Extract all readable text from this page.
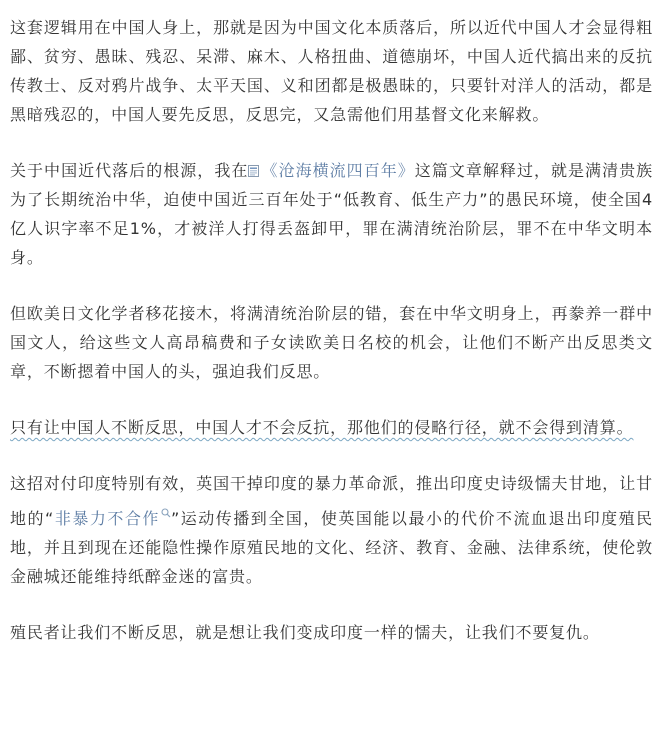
这套逻辑用在中国人身上，那就是因为中国文化本质落后，所以近代中国人才会显得粗鄙、贫穷、愚昧、残忍、呆滞、麻木、人格扭曲、道德崩坏，中国人近代搞出来的反抗传教士、反对鸦片战争、太平天国、义和团都是极愚昧的，只要针对洋人的活动，都是黑暗残忍的，中国人要先反思，反思完，又急需他们用基督文化来解救。

关于中国近代落后的根源，我在 《沧海横流四百年》这篇文章解释过，就是满清贵族为了长期统治中华，迫使中国近三百年处于“低教育、低生产力”的愚民环境，使全国4亿人识字率不足1%，才被洋人打得丢盔卸甲，罪在满清统治阶层，罪不在中华文明本身。

但欧美日文化学者移花接木，将满清统治阶层的错，套在中华文明身上，再豢养一群中国文人，给这些文人高昂稿费和子女读欧美日名校的机会，让他们不断产出反思类文章，不断摁着中国人的头，强迫我们反思。

只有让中国人不断反思，中国人才不会反抗，那他们的侵略行径，就不会得到清算。

这招对付印度特别有效，英国干掉印度的暴力革命派，推出印度史诗级懦夫甘地，让甘地的“非暴力不合作 ”运动传播到全国，使英国能以最小的代价不流血退出印度殖民地，并且到现在还能隐性操作原殖民地的文化、经济、教育、金融、法律系统，使伦敦金融城还能维持纸醉金迷的富贵。

殖民者让我们不断反思，就是想让我们变成印度一样的懦夫，让我们不要复仇。
